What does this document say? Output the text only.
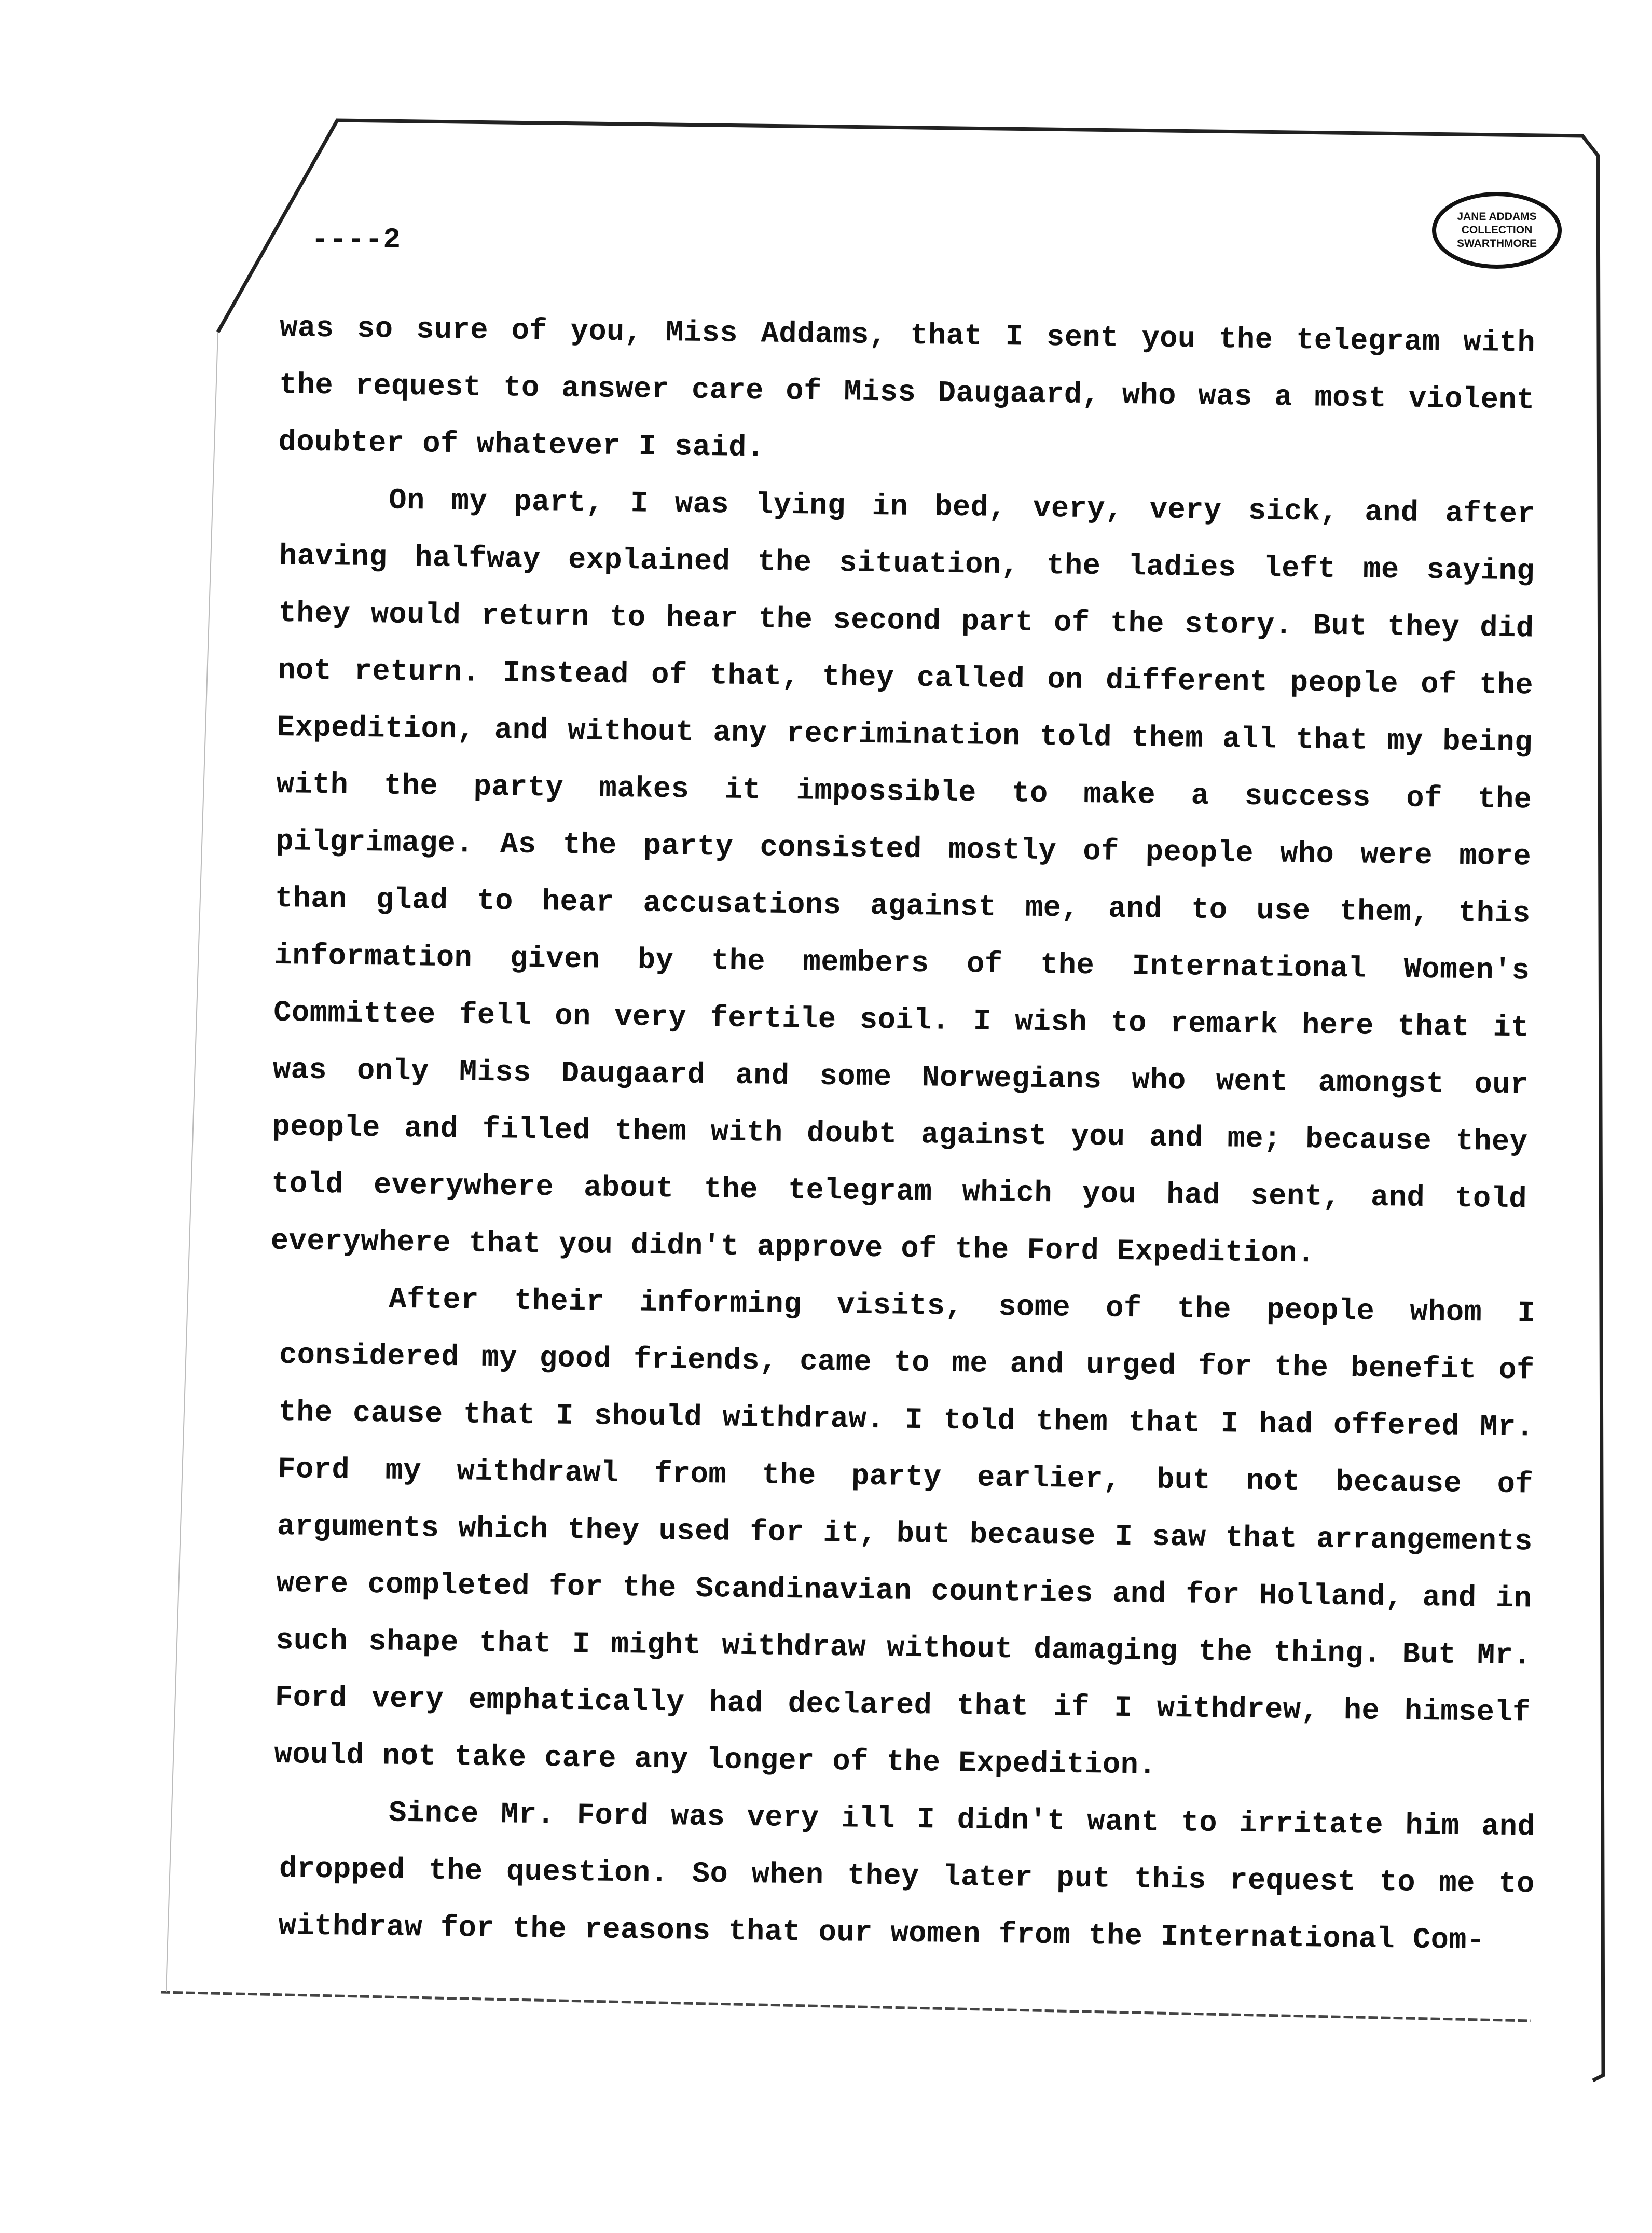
JANE ADDAMS
COLLECTION
SWARTHMORE
----2

was so sure of you, Miss Addams, that I sent you the telegram with the request to answer care of Miss Daugaard, who was a most violent doubter of whatever I said.

On my part, I was lying in bed, very, very sick, and after having halfway explained the situation, the ladies left me saying they would return to hear the second part of the story. But they did not return. Instead of that, they called on different people of the Expedition, and without any recrimination told them all that my being with the party makes it impossible to make a success of the pilgrimage. As the party consisted mostly of people who were more than glad to hear accusations against me, and to use them, this information given by the members of the International Women's Committee fell on very fertile soil. I wish to remark here that it was only Miss Daugaard and some Norwegians who went amongst our people and filled them with doubt against you and me; because they told everywhere about the telegram which you had sent, and told everywhere that you didn't approve of the Ford Expedition.

After their informing visits, some of the people whom I considered my good friends, came to me and urged for the benefit of the cause that I should withdraw. I told them that I had offered Mr. Ford my withdrawl from the party earlier, but not because of arguments which they used for it, but because I saw that arrangements were completed for the Scandinavian countries and for Holland, and in such shape that I might withdraw without damaging the thing. But Mr. Ford very emphatically had declared that if I withdrew, he himself would not take care any longer of the Expedition.

Since Mr. Ford was very ill I didn't want to irritate him and dropped the question. So when they later put this request to me to withdraw for the reasons that our women from the International Com-
